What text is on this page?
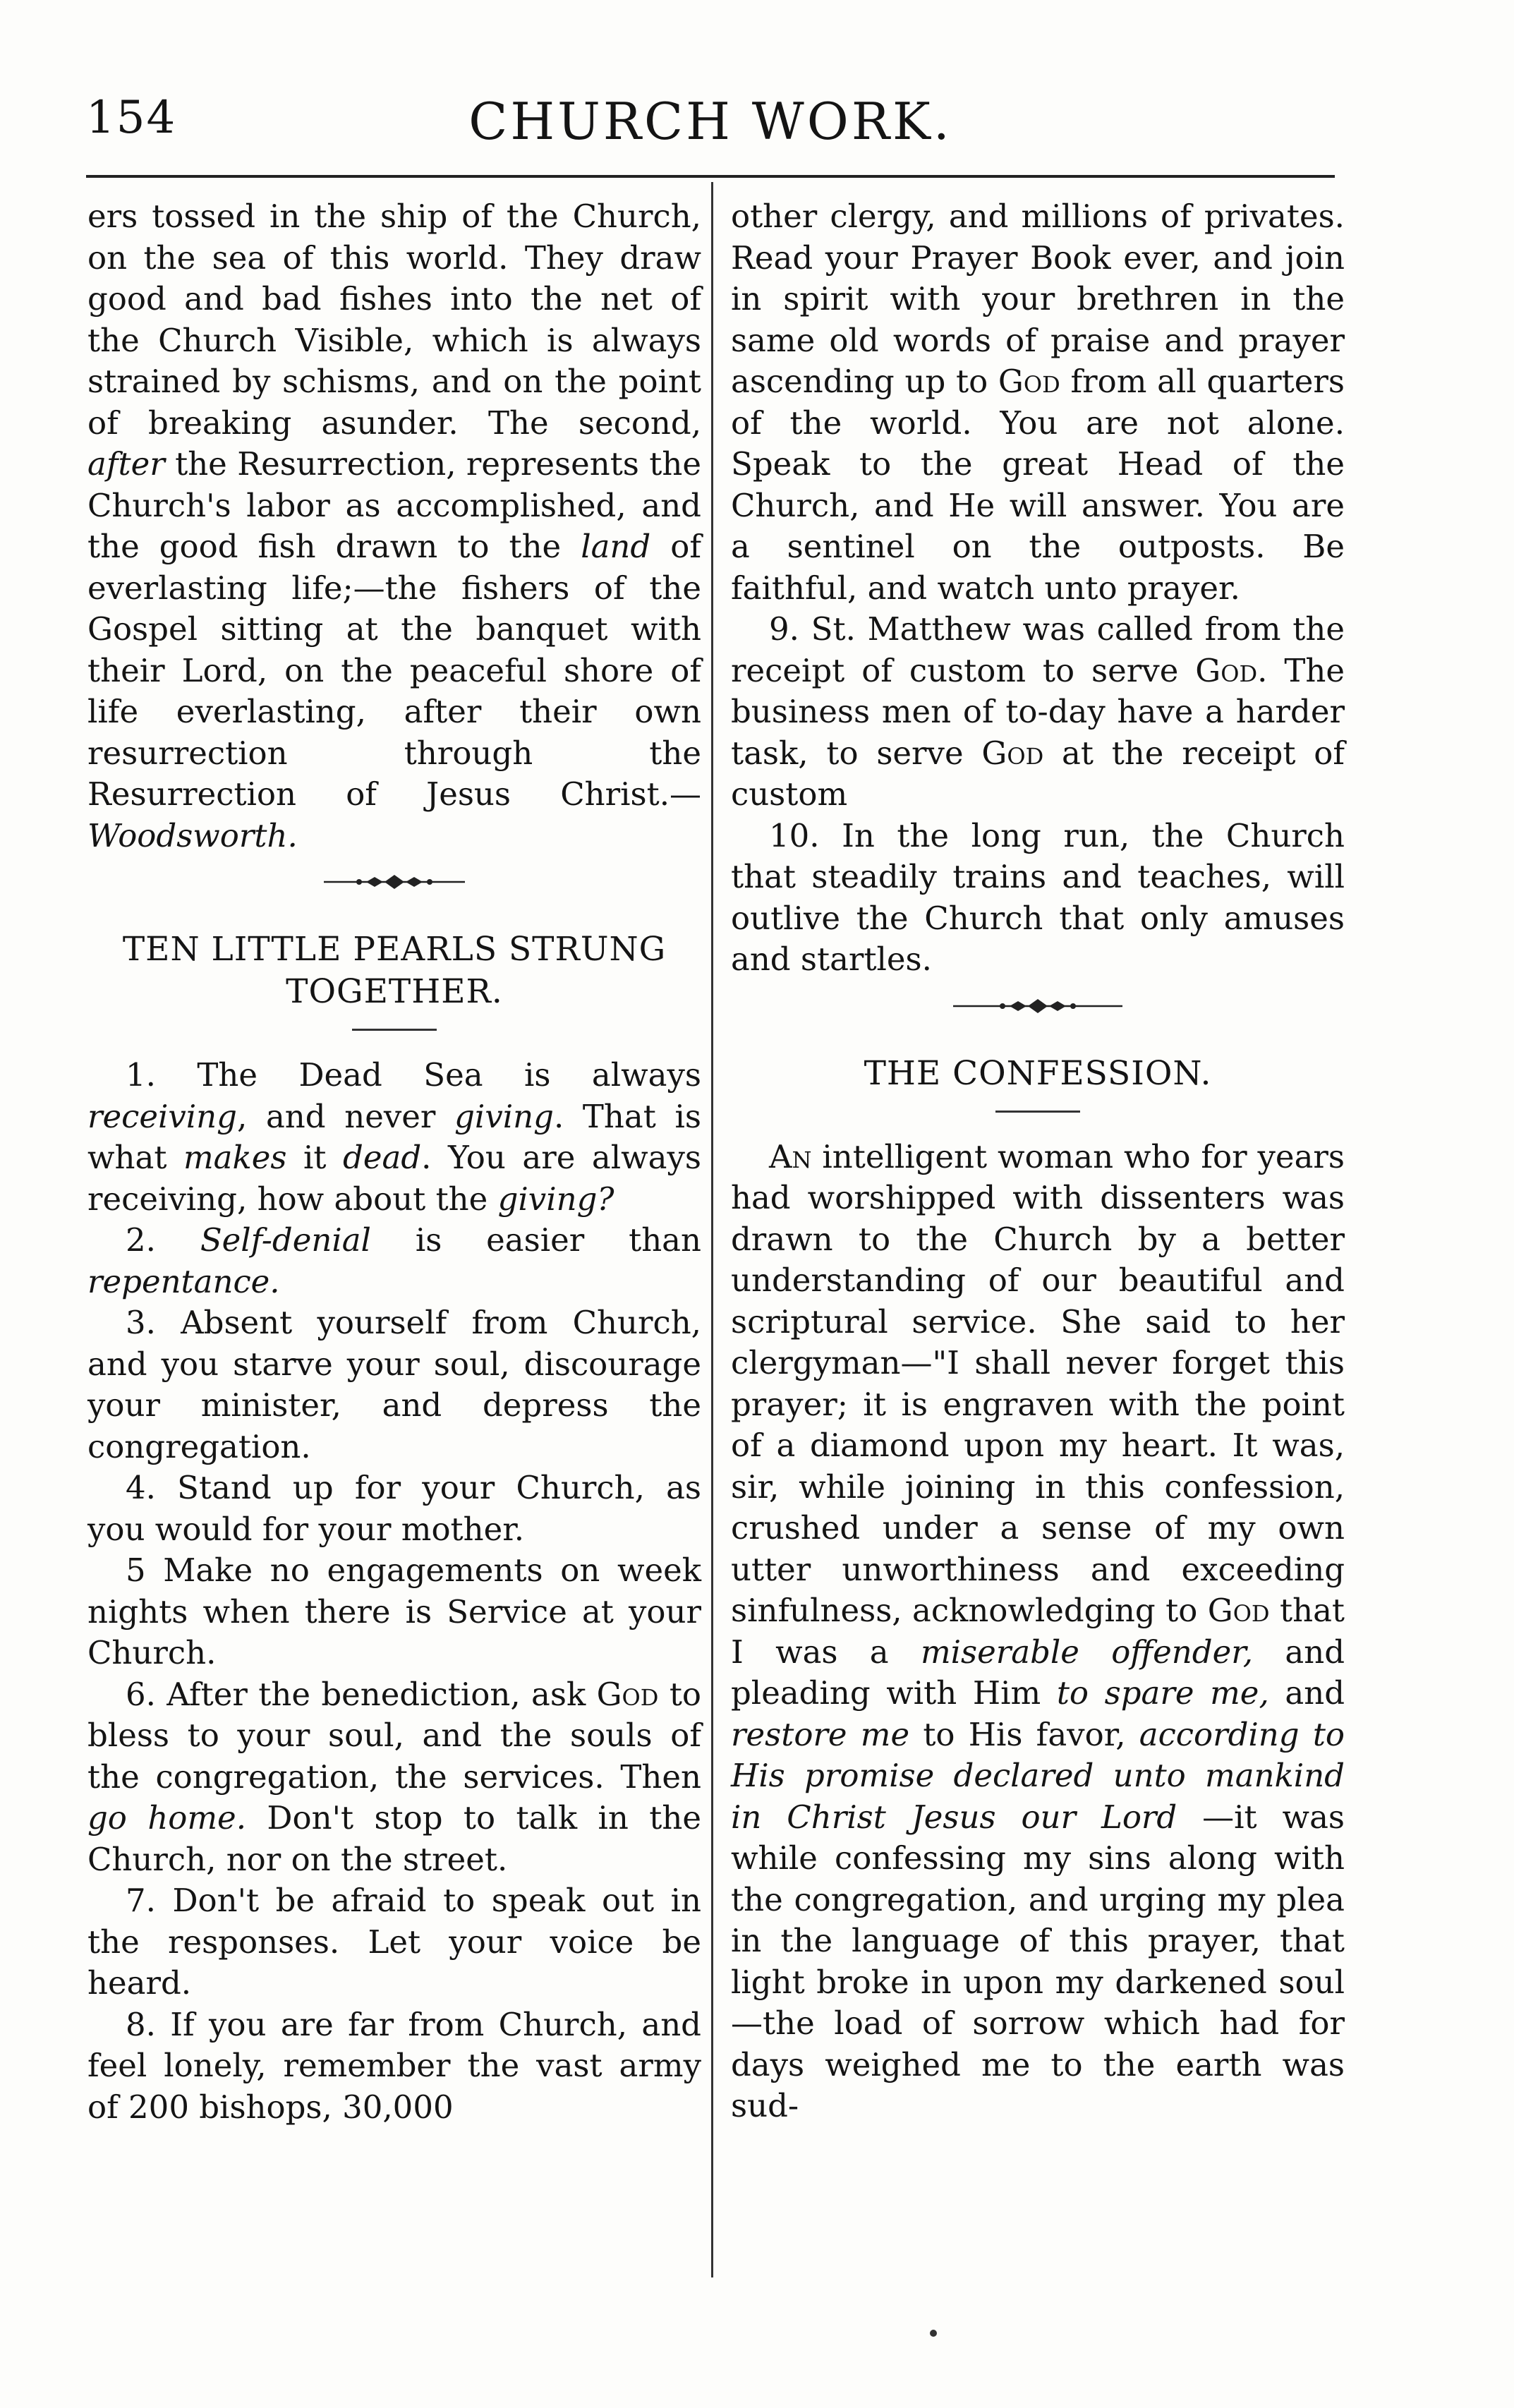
154	CHURCH WORK.

ers tossed in the ship of the Church, on the sea of this world. They draw good and bad fishes into the net of the Church Visible, which is always strained by schisms, and on the point of breaking asunder. The second, after the Resurrection, represents the Church's labor as accomplished, and the good fish drawn to the land of everlasting life;—the fishers of the Gospel sitting at the banquet with their Lord, on the peaceful shore of life everlasting, after their own resurrection through the Resurrection of Jesus Christ.— Woodsworth.

TEN LITTLE PEARLS STRUNG TOGETHER.

1. The Dead Sea is always receiving, and never giving. That is what makes it dead. You are always receiving, how about the giving?

2. Self-denial is easier than repentance.

3. Absent yourself from Church, and you starve your soul, discourage your minister, and depress the congregation.

4. Stand up for your Church, as you would for your mother.

5 Make no engagements on week nights when there is Service at your Church.

6. After the benediction, ask God to bless to your soul, and the souls of the congregation, the services. Then go home. Don't stop to talk in the Church, nor on the street.

7. Don't be afraid to speak out in the responses. Let your voice be heard.

8. If you are far from Church, and feel lonely, remember the vast army of 200 bishops, 30,000

other clergy, and millions of privates. Read your Prayer Book ever, and join in spirit with your brethren in the same old words of praise and prayer ascending up to God from all quarters of the world. You are not alone. Speak to the great Head of the Church, and He will answer. You are a sentinel on the outposts. Be faithful, and watch unto prayer.

9. St. Matthew was called from the receipt of custom to serve God. The business men of to-day have a harder task, to serve God at the receipt of custom

10. In the long run, the Church that steadily trains and teaches, will outlive the Church that only amuses and startles.

THE CONFESSION.

An intelligent woman who for years had worshipped with dissenters was drawn to the Church by a better understanding of our beautiful and scriptural service. She said to her clergyman—"I shall never forget this prayer; it is engraven with the point of a diamond upon my heart. It was, sir, while joining in this confession, crushed under a sense of my own utter unworthiness and exceeding sinfulness, acknowledging to God that I was a miserable offender, and pleading with Him to spare me, and restore me to His favor, according to His promise declared unto mankind in Christ Jesus our Lord —it was while confessing my sins along with the congregation, and urging my plea in the language of this prayer, that light broke in upon my darkened soul—the load of sorrow which had for days weighed me to the earth was sud-
